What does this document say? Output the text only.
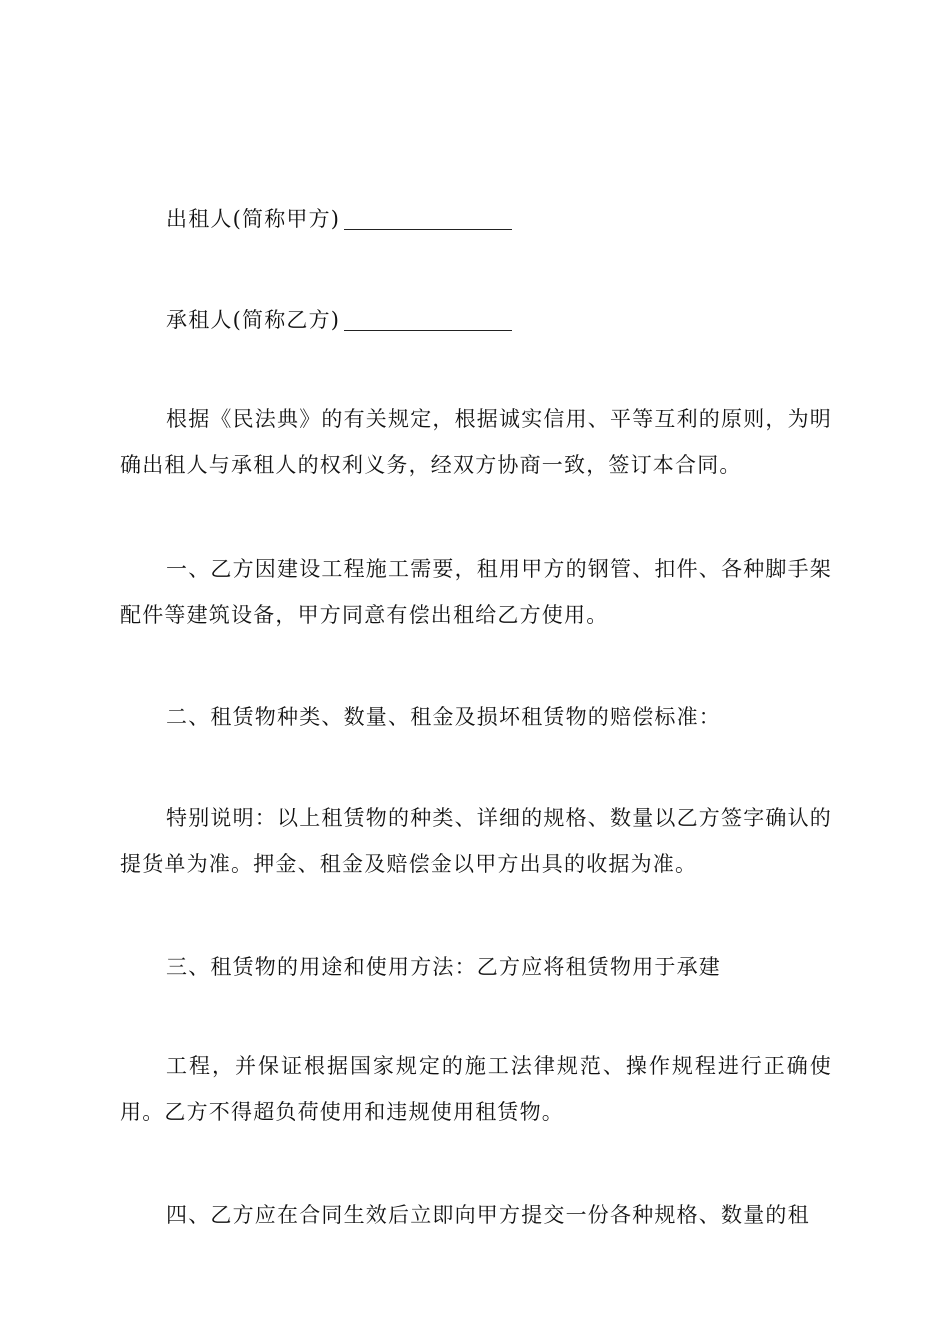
出租人(简称甲方)
承租人(简称乙方)

根据《民法典》的有关规定，根据诚实信用、平等互利的原则，为明确出租人与承租人的权利义务，经双方协商一致，签订本合同。

一、乙方因建设工程施工需要，租用甲方的钢管、扣件、各种脚手架配件等建筑设备，甲方同意有偿出租给乙方使用。

二、租赁物种类、数量、租金及损坏租赁物的赔偿标准：

特别说明：以上租赁物的种类、详细的规格、数量以乙方签字确认的提货单为准。押金、租金及赔偿金以甲方出具的收据为准。

三、租赁物的用途和使用方法：乙方应将租赁物用于承建

工程，并保证根据国家规定的施工法律规范、操作规程进行正确使用。乙方不得超负荷使用和违规使用租赁物。

四、乙方应在合同生效后立即向甲方提交一份各种规格、数量的租
